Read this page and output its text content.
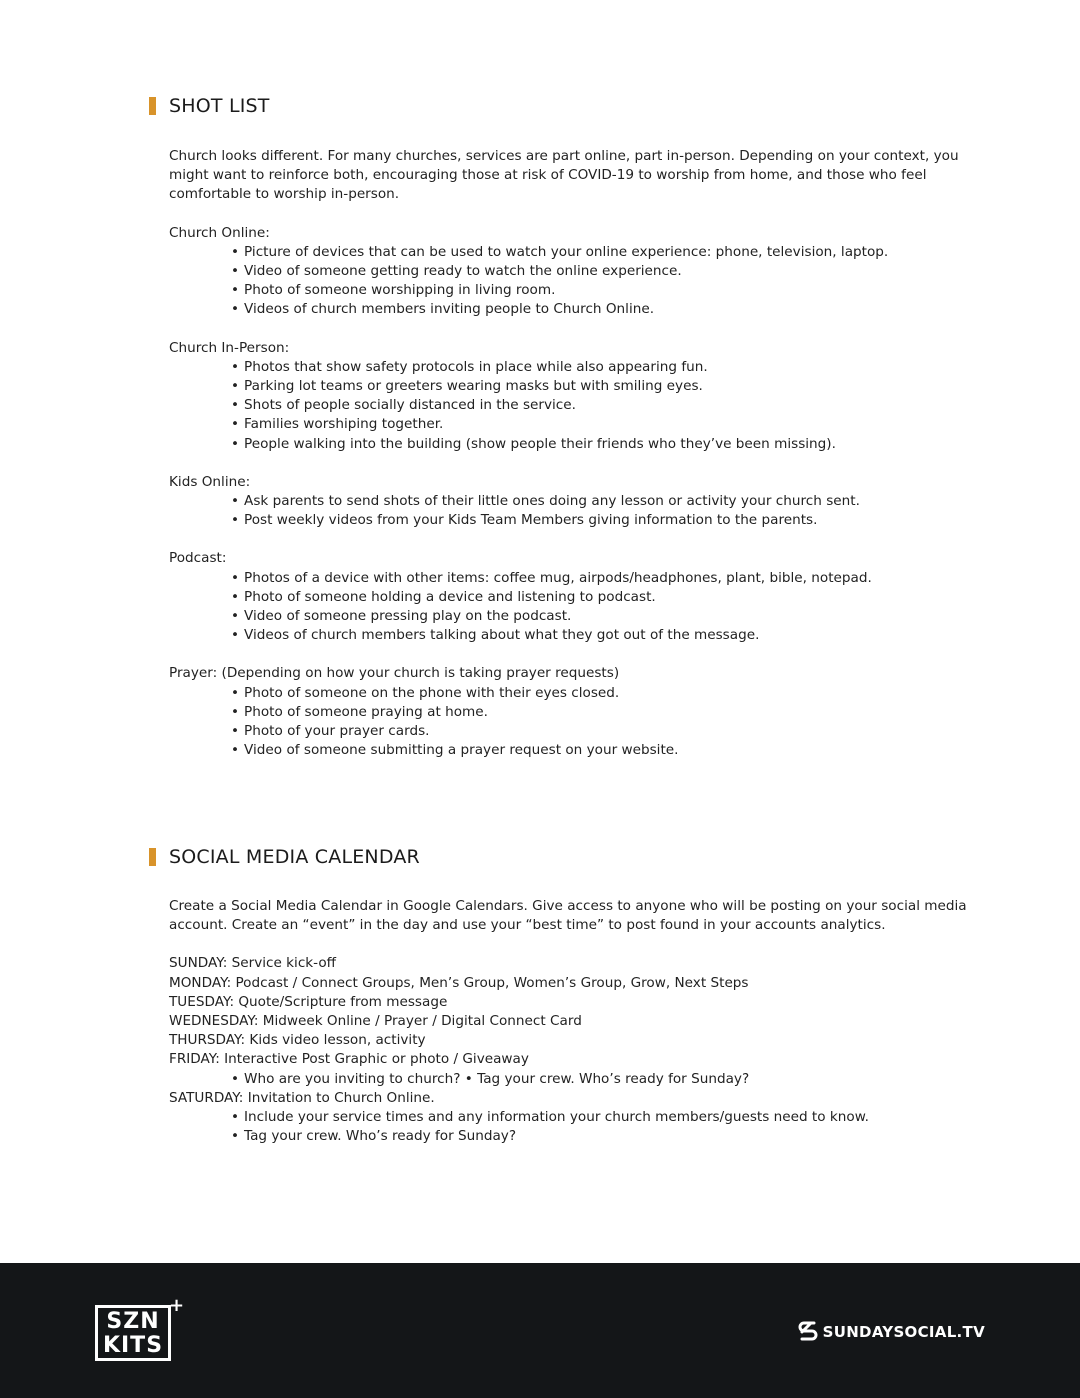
SHOT LIST

Church looks different. For many churches, services are part online, part in-person. Depending on your context, you might want to reinforce both, encouraging those at risk of COVID-19 to worship from home, and those who feel comfortable to worship in-person.

Church Online:

• Picture of devices that can be used to watch your online experience: phone, television, laptop.
• Video of someone getting ready to watch the online experience.
• Photo of someone worshipping in living room.
• Videos of church members inviting people to Church Online.

Church In-Person:

• Photos that show safety protocols in place while also appearing fun.
• Parking lot teams or greeters wearing masks but with smiling eyes.
• Shots of people socially distanced in the service.
• Families worshiping together.
• People walking into the building (show people their friends who they’ve been missing).

Kids Online:

• Ask parents to send shots of their little ones doing any lesson or activity your church sent.
• Post weekly videos from your Kids Team Members giving information to the parents.

Podcast:

• Photos of a device with other items: coffee mug, airpods/headphones, plant, bible, notepad.
• Photo of someone holding a device and listening to podcast.
• Video of someone pressing play on the podcast.
• Videos of church members talking about what they got out of the message.

Prayer: (Depending on how your church is taking prayer requests)

• Photo of someone on the phone with their eyes closed.
• Photo of someone praying at home.
• Photo of your prayer cards.
• Video of someone submitting a prayer request on your website.
SOCIAL MEDIA CALENDAR

Create a Social Media Calendar in Google Calendars. Give access to anyone who will be posting on your social media account. Create an “event” in the day and use your “best time” to post found in your accounts analytics.

SUNDAY: Service kick-off

MONDAY: Podcast / Connect Groups, Men’s Group, Women’s Group, Grow, Next Steps

TUESDAY: Quote/Scripture from message

WEDNESDAY: Midweek Online / Prayer / Digital Connect Card

THURSDAY: Kids video lesson, activity

FRIDAY: Interactive Post Graphic or photo / Giveaway

• Who are you inviting to church? • Tag your crew. Who’s ready for Sunday?

SATURDAY: Invitation to Church Online.

• Include your service times and any information your church members/guests need to know.
• Tag your crew. Who’s ready for Sunday?
SZN
KITS
+
SUNDAYSOCIAL.TV
